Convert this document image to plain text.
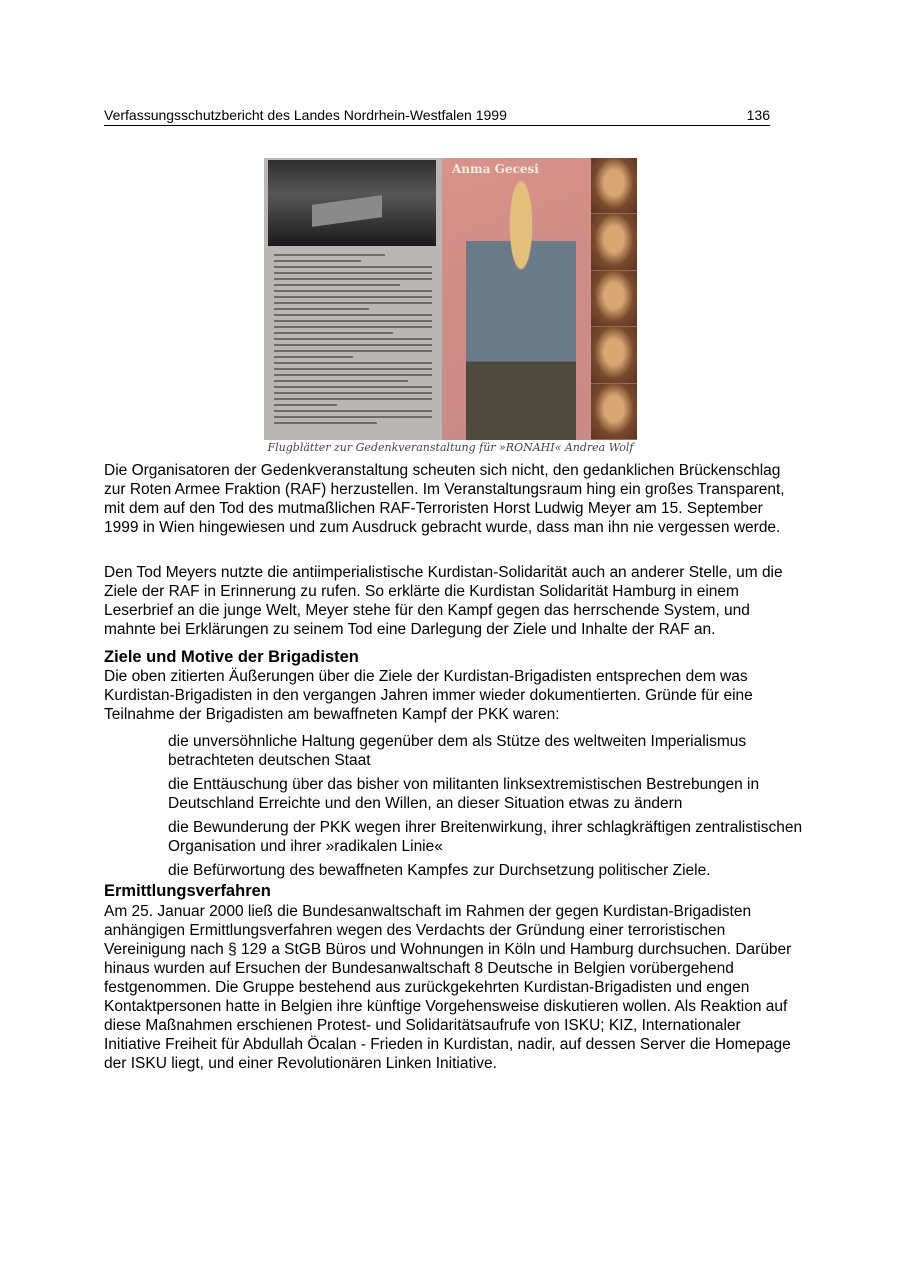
Verfassungsschutzbericht des Landes Nordrhein-Westfalen 1999	136
Anma Gecesi
Flugblätter zur Gedenkveranstaltung für »RONAHI« Andrea Wolf

Die Organisatoren der Gedenkveranstaltung scheuten sich nicht, den gedanklichen Brückenschlag zur Roten Armee Fraktion (RAF) herzustellen. Im Veranstaltungsraum hing ein großes Transparent, mit dem auf den Tod des mutmaßlichen RAF-Terroristen Horst Ludwig Meyer am 15. September 1999 in Wien hingewiesen und zum Ausdruck gebracht wurde, dass man ihn nie vergessen werde.

Den Tod Meyers nutzte die antiimperialistische Kurdistan-Solidarität auch an anderer Stelle, um die Ziele der RAF in Erinnerung zu rufen. So erklärte die Kurdistan Solidarität Hamburg in einem Leserbrief an die junge Welt, Meyer stehe für den Kampf gegen das herrschende System, und mahnte bei Erklärungen zu seinem Tod eine Darlegung der Ziele und Inhalte der RAF an.

Ziele und Motive der Brigadisten

Die oben zitierten Äußerungen über die Ziele der Kurdistan-Brigadisten entsprechen dem was Kurdistan-Brigadisten in den vergangen Jahren immer wieder dokumentierten. Gründe für eine Teilnahme der Brigadisten am bewaffneten Kampf der PKK waren:

die unversöhnliche Haltung gegenüber dem als Stütze des weltweiten Imperialismus betrachteten deutschen Staat

die Enttäuschung über das bisher von militanten linksextremistischen Bestrebungen in Deutschland Erreichte und den Willen, an dieser Situation etwas zu ändern

die Bewunderung der PKK wegen ihrer Breitenwirkung, ihrer schlagkräftigen zentralistischen Organisation und ihrer »radikalen Linie«

die Befürwortung des bewaffneten Kampfes zur Durchsetzung politischer Ziele.

Ermittlungsverfahren

Am 25. Januar 2000 ließ die Bundesanwaltschaft im Rahmen der gegen Kurdistan-Brigadisten anhängigen Ermittlungsverfahren wegen des Verdachts der Gründung einer terroristischen Vereinigung nach § 129 a StGB Büros und Wohnungen in Köln und Hamburg durchsuchen. Darüber hinaus wurden auf Ersuchen der Bundesanwaltschaft 8 Deutsche in Belgien vorübergehend festgenommen. Die Gruppe bestehend aus zurückgekehrten Kurdistan-Brigadisten und engen Kontaktpersonen hatte in Belgien ihre künftige Vorgehensweise diskutieren wollen. Als Reaktion auf diese Maßnahmen erschienen Protest- und Solidaritätsaufrufe von ISKU; KIZ, Internationaler Initiative Freiheit für Abdullah Öcalan - Frieden in Kurdistan, nadir, auf dessen Server die Homepage der ISKU liegt, und einer Revolutionären Linken Initiative.
